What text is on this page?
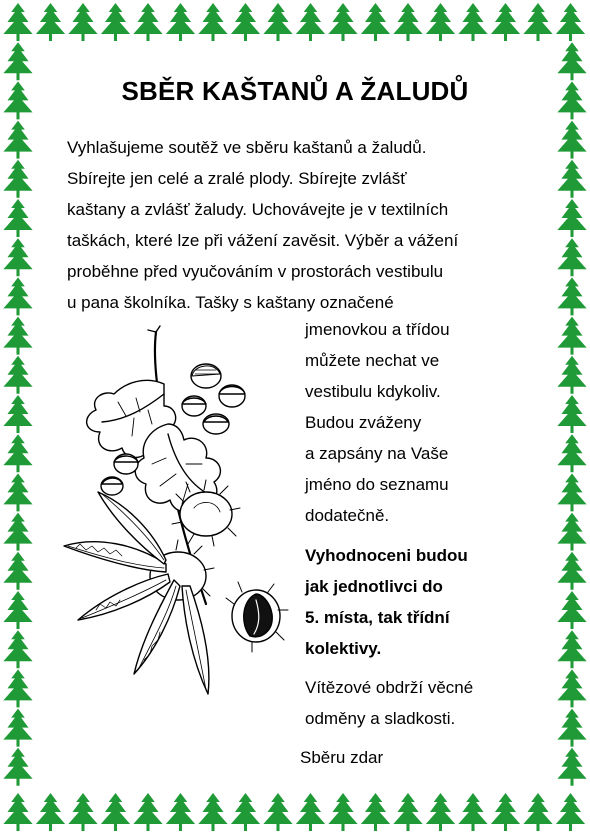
SBĚR KAŠTANŮ A ŽALUDŮ
Vyhlašujeme soutěž ve sběru kaštanů a žaludů.
Sbírejte jen celé a zralé plody. Sbírejte zvlášť
kaštany a zvlášť žaludy. Uchovávejte je v textilních
taškách, které lze při vážení zavěsit. Výběr a vážení
proběhne před vyučováním v prostorách vestibulu
u pana školníka. Tašky s kaštany označené
jmenovkou a třídou
můžete nechat ve
vestibulu kdykoliv.
Budou zváženy
a zapsány na Vaše
jméno do seznamu
dodatečně.
Vyhodnoceni budou
jak jednotlivci do
5. místa, tak třídní
kolektivy.
Vítězové obdrží věcné
odměny a sladkosti.
Sběru zdar
